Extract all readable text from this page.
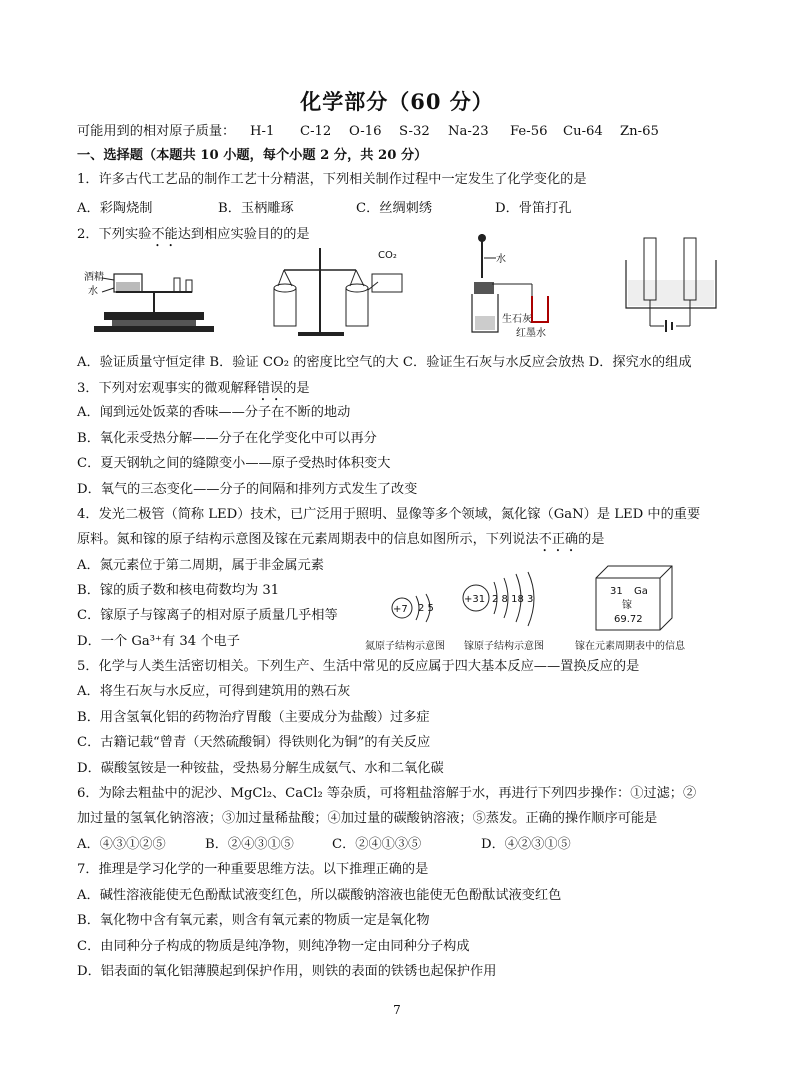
化学部分（60 分）
可能用到的相对原子质量： H-1 C-12 O-16 S-32 Na-23 Fe-56 Cu-64 Zn-65
一、选择题（本题共 10 小题，每个小题 2 分，共 20 分）
1．许多古代工艺品的制作工艺十分精湛，下列相关制作过程中一定发生了化学变化的是
A．彩陶烧制	B．玉柄雕琢	C．丝绸刺绣	D．骨笛打孔
2．下列实验不能达到相应实验目的的是
酒精
水
CO₂	水
生石灰
红墨水
A．验证质量守恒定律 B．验证 CO₂ 的密度比空气的大 C．验证生石灰与水反应会放热 D．探究水的组成
3．下列对宏观事实的微观解释错误的是
A．闻到远处饭菜的香味——分子在不断的地动
B．氧化汞受热分解——分子在化学变化中可以再分
C．夏天钢轨之间的缝隙变小——原子受热时体积变大
D．氧气的三态变化——分子的间隔和排列方式发生了改变
4．发光二极管（简称 LED）技术，已广泛用于照明、显像等多个领域，氮化镓（GaN）是 LED 中的重要
原料。氮和镓的原子结构示意图及镓在元素周期表中的信息如图所示，下列说法不正确的是
A．氮元素位于第二周期，属于非金属元素
B．镓的质子数和核电荷数均为 31
C．镓原子与镓离子的相对原子质量几乎相等
D．一个 Ga³⁺有 34 个电子
+7 2 5
+31 2 8 18 3
31 Ga
镓
69.72
氮原子结构示意图 镓原子结构示意图	镓在元素周期表中的信息
5．化学与人类生活密切相关。下列生产、生活中常见的反应属于四大基本反应——置换反应的是
A．将生石灰与水反应，可得到建筑用的熟石灰
B．用含氢氧化铝的药物治疗胃酸（主要成分为盐酸）过多症
C．古籍记载“曾青（天然硫酸铜）得铁则化为铜”的有关反应
D．碳酸氢铵是一种铵盐，受热易分解生成氨气、水和二氧化碳
6．为除去粗盐中的泥沙、MgCl₂、CaCl₂ 等杂质，可将粗盐溶解于水，再进行下列四步操作：①过滤；②
加过量的氢氧化钠溶液；③加过量稀盐酸；④加过量的碳酸钠溶液；⑤蒸发。正确的操作顺序可能是
A．④③①②⑤	B．②④③①⑤	C．②④①③⑤	D．④②③①⑤
7．推理是学习化学的一种重要思维方法。以下推理正确的是
A．碱性溶液能使无色酚酞试液变红色，所以碳酸钠溶液也能使无色酚酞试液变红色
B．氧化物中含有氧元素，则含有氧元素的物质一定是氧化物
C．由同种分子构成的物质是纯净物，则纯净物一定由同种分子构成
D．铝表面的氧化铝薄膜起到保护作用，则铁的表面的铁锈也起保护作用
7
